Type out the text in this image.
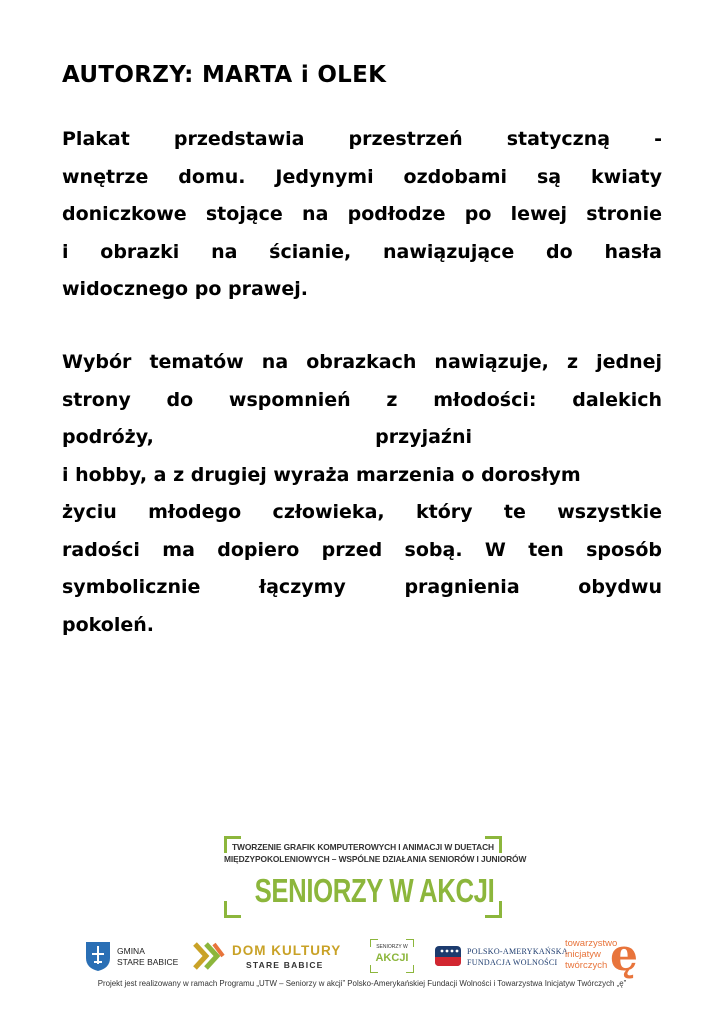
AUTORZY: MARTA i OLEK
Plakat przedstawia przestrzeń statyczną -
wnętrze domu. Jedynymi ozdobami są kwiaty
doniczkowe stojące na podłodze po lewej stronie
i obrazki na ścianie, nawiązujące do hasła
widocznego po prawej.
Wybór tematów na obrazkach nawiązuje, z jednej
strony do wspomnień z młodości: dalekich
podróży, przyjaźni
i hobby, a z drugiej wyraża marzenia o dorosłym
życiu młodego człowieka, który te wszystkie
radości ma dopiero przed sobą. W ten sposób
symbolicznie łączymy pragnienia obydwu
pokoleń.
TWORZENIE GRAFIK KOMPUTEROWYCH I ANIMACJI W DUETACH
MIĘDZYPOKOLENIOWYCH – WSPÓLNE DZIAŁANIA SENIORÓW I JUNIORÓW
SENIORZY W AKCJI
GMINA
STARE BABICE
DOM KULTURY
STARE BABICE
SENIORZY W
AKCJI
POLSKO-AMERYKAŃSKA
FUNDACJA WOLNOŚCI
towarzystwo
inicjatyw
twórczych ę
Projekt jest realizowany w ramach Programu „UTW – Seniorzy w akcji” Polsko-Amerykańskiej Fundacji Wolności i Towarzystwa Inicjatyw Twórczych „ę”
